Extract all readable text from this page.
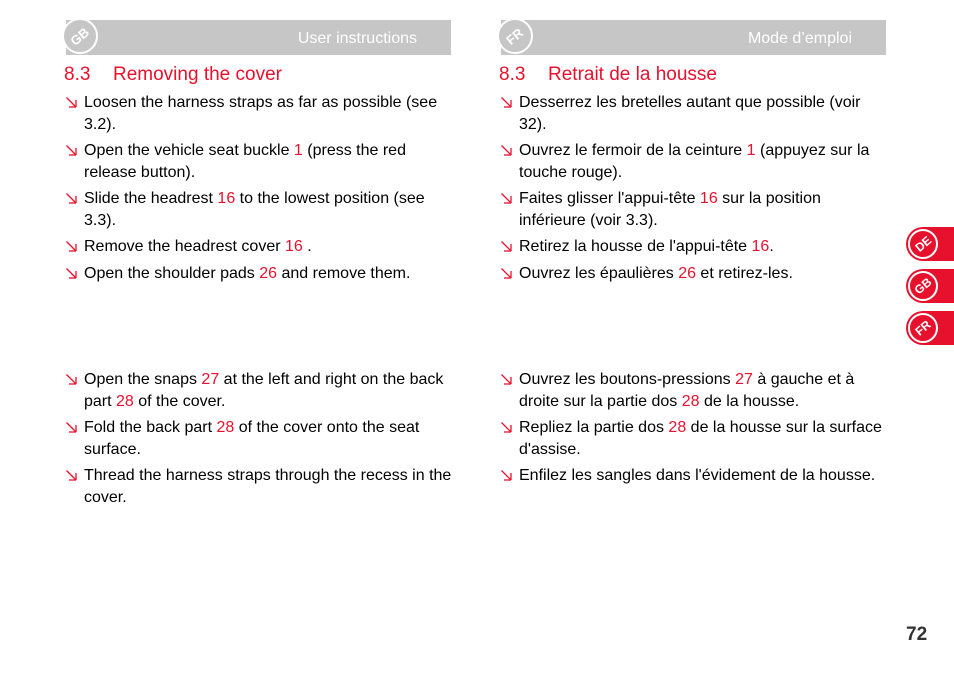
GB	User instructions
8.3 Removing the cover
Loosen the harness straps as far as possible (see 3.2).
Open the vehicle seat buckle 1 (press the red release button).
Slide the headrest 16 to the lowest position (see 3.3).
Remove the headrest cover 16 .
Open the shoulder pads 26 and remove them.
Open the snaps 27 at the left and right on the back part 28 of the cover.
Fold the back part 28 of the cover onto the seat surface.
Thread the harness straps through the recess in the cover.
FR	Mode d’emploi
8.3 Retrait de la housse
Desserrez les bretelles autant que possible (voir 32).
Ouvrez le fermoir de la ceinture 1 (appuyez sur la touche rouge).
Faites glisser l'appui-tête 16 sur la position inférieure (voir 3.3).
Retirez la housse de l'appui-tête 16.
Ouvrez les épaulières 26 et retirez-les.
Ouvrez les boutons-pressions 27 à gauche et à droite sur la partie dos 28 de la housse.
Repliez la partie dos 28 de la housse sur la surface d'assise.
Enfilez les sangles dans l'évidement de la housse.
DE
GB
FR
72
